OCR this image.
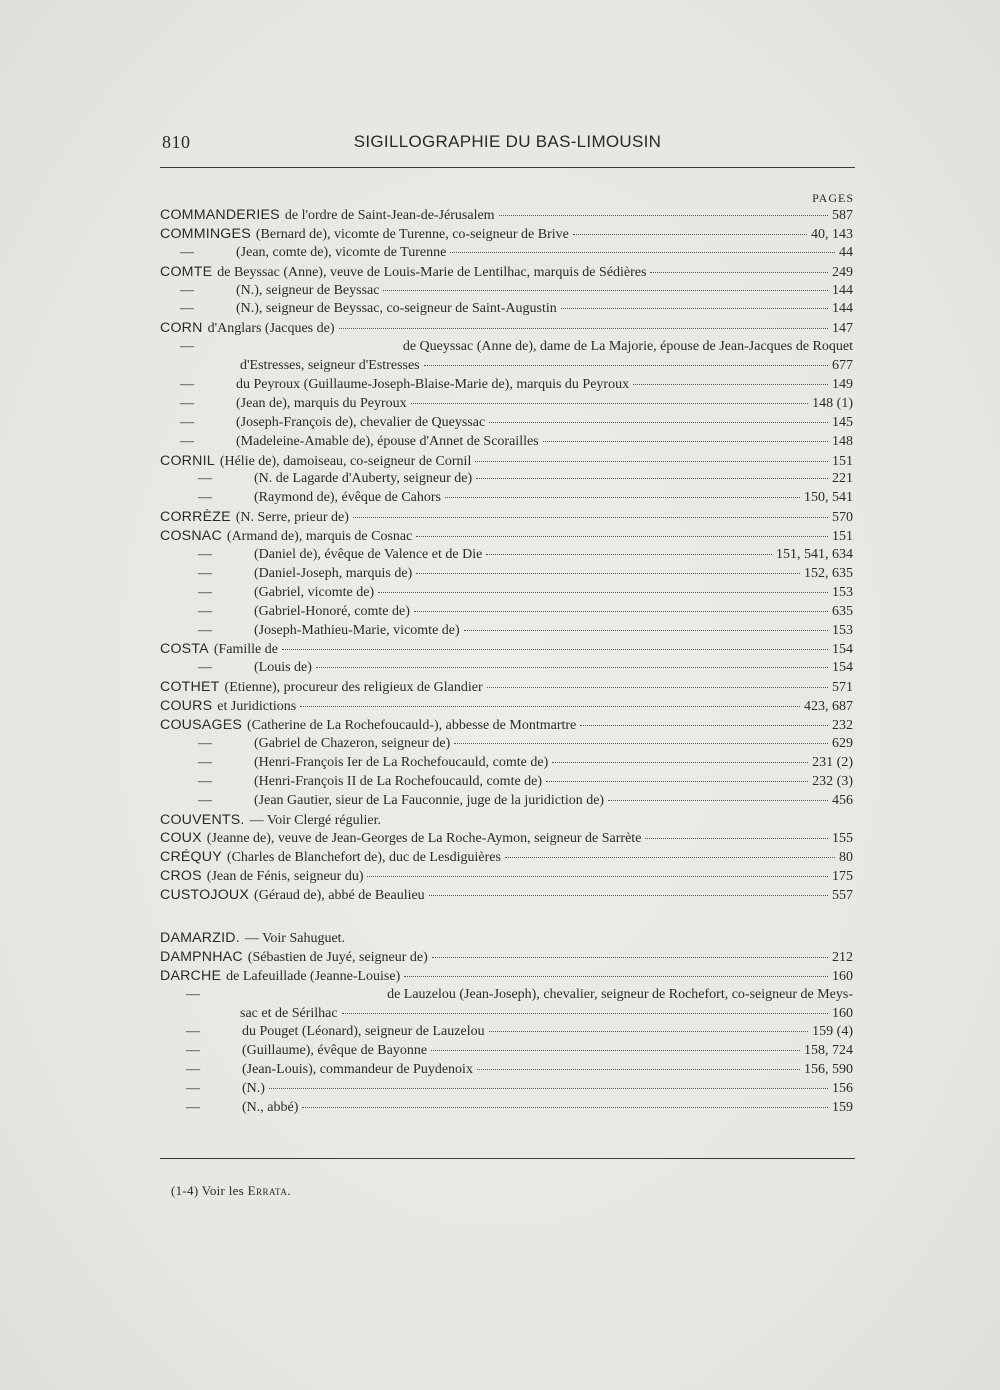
810	SIGILLOGRAPHIE DU BAS-LIMOUSIN
PAGES
COMMANDERIES de l'ordre de Saint-Jean-de-Jérusalem	587
COMMINGES (Bernard de), vicomte de Turenne, co-seigneur de Brive	40, 143
—	(Jean, comte de), vicomte de Turenne	44
COMTE de Beyssac (Anne), veuve de Louis-Marie de Lentilhac, marquis de Sédières	249
—	(N.), seigneur de Beyssac	144
—	(N.), seigneur de Beyssac, co-seigneur de Saint-Augustin	144
CORN d'Anglars (Jacques de)	147
—	de Queyssac (Anne de), dame de La Majorie, épouse de Jean-Jacques de Roquet
d'Estresses, seigneur d'Estresses	677
—	du Peyroux (Guillaume-Joseph-Blaise-Marie de), marquis du Peyroux	149
—	(Jean de), marquis du Peyroux	148 (1)
—	(Joseph-François de), chevalier de Queyssac	145
—	(Madeleine-Amable de), épouse d'Annet de Scorailles	148
CORNIL (Hélie de), damoiseau, co-seigneur de Cornil	151
—	(N. de Lagarde d'Auberty, seigneur de)	221
—	(Raymond de), évêque de Cahors	150, 541
CORRÈZE (N. Serre, prieur de)	570
COSNAC (Armand de), marquis de Cosnac	151
—	(Daniel de), évêque de Valence et de Die	151, 541, 634
—	(Daniel-Joseph, marquis de)	152, 635
—	(Gabriel, vicomte de)	153
—	(Gabriel-Honoré, comte de)	635
—	(Joseph-Mathieu-Marie, vicomte de)	153
COSTA (Famille de	154
—	(Louis de)	154
COTHET (Etienne), procureur des religieux de Glandier	571
COURS et Juridictions	423, 687
COUSAGES (Catherine de La Rochefoucauld-), abbesse de Montmartre	232
—	(Gabriel de Chazeron, seigneur de)	629
—	(Henri-François Ier de La Rochefoucauld, comte de)	231 (2)
—	(Henri-François II de La Rochefoucauld, comte de)	232 (3)
—	(Jean Gautier, sieur de La Fauconnie, juge de la juridiction de)	456
COUVENTS. — Voir Clergé régulier.
COUX (Jeanne de), veuve de Jean-Georges de La Roche-Aymon, seigneur de Sarrète	155
CRÉQUY (Charles de Blanchefort de), duc de Lesdiguières	80
CROS (Jean de Fénis, seigneur du)	175
CUSTOJOUX (Géraud de), abbé de Beaulieu	557
DAMARZID. — Voir Sahuguet.
DAMPNHAC (Sébastien de Juyé, seigneur de)	212
DARCHE de Lafeuillade (Jeanne-Louise)	160
—	de Lauzelou (Jean-Joseph), chevalier, seigneur de Rochefort, co-seigneur de Meys-
sac et de Sérilhac	160
—	du Pouget (Léonard), seigneur de Lauzelou	159 (4)
—	(Guillaume), évêque de Bayonne	158, 724
—	(Jean-Louis), commandeur de Puydenoix	156, 590
—	(N.)	156
—	(N., abbé)	159
(1-4) Voir les Errata.
